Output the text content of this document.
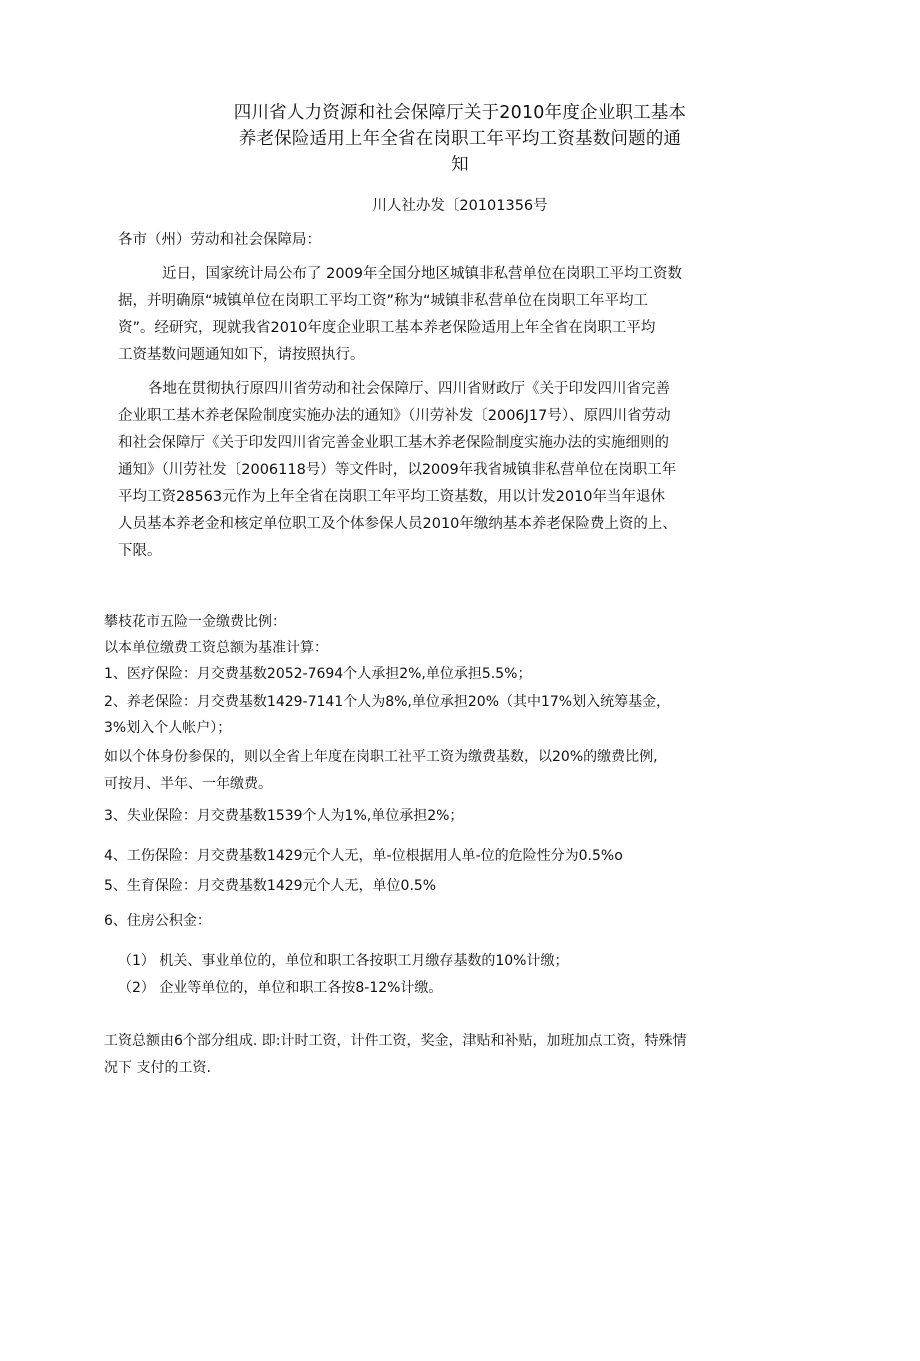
四川省人力资源和社会保障厅关于2010年度企业职工基本
养老保险适用上年全省在岗职工年平均工资基数问题的通
知
川人社办发〔20101356号
各市（州）劳动和社会保障局：
近日，国家统计局公布了 2009年全国分地区城镇非私营单位在岗职工平均工资数
据，并明确原“城镇单位在岗职工平均工资”称为“城镇非私营单位在岗职工年平均工
资”。经研究，现就我省2010年度企业职工基本养老保险适用上年全省在岗职工平均
工资基数问题通知如下，请按照执行。
各地在贯彻执行原四川省劳动和社会保障厅、四川省财政厅《关于印发四川省完善
企业职工基木养老保险制度实施办法的通知》（川劳补发〔2006J17号）、原四川省劳动
和社会保障厅《关于印发四川省完善金业职工基木养老保险制度实施办法的实施细则的
通知》（川劳社发〔2006118号）等文件时，以2009年我省城镇非私营单位在岗职工年
平均工资28563元作为上年全省在岗职工年平均工资基数，用以计发2010年当年退休
人员基本养老金和核定单位职工及个体参保人员2010年缴纳基本养老保险费上资的上、
下限。
攀枝花市五险一金缴费比例：
以本单位缴费工资总额为基准计算：
1、医疗保险：月交费基数2052-7694个人承担2%,单位承担5.5%；
2、养老保险：月交费基数1429-7141个人为8%,单位承担20%（其中17%划入统筹基金，
3%划入个人帐户）；
如以个体身份参保的，则以全省上年度在岗职工社平工资为缴费基数，以20%的缴费比例,
可按月、半年、一年缴费。
3、失业保险：月交费基数1539个人为1%,单位承担2%；
4、工伤保险：月交费基数1429元个人无，单-位根据用人单-位的危险性分为0.5%o
5、生育保险：月交费基数1429元个人无，单位0.5%
6、住房公积金：
（1） 机关、事业单位的，单位和职工各按职工月缴存基数的10%计缴；
（2） 企业等单位的，单位和职工各按8-12%计缴。
工资总额由6个部分组成. 即:计时工资，计件工资，奖金，津贴和补贴，加班加点工资，特殊情
况下 支付的工资.
